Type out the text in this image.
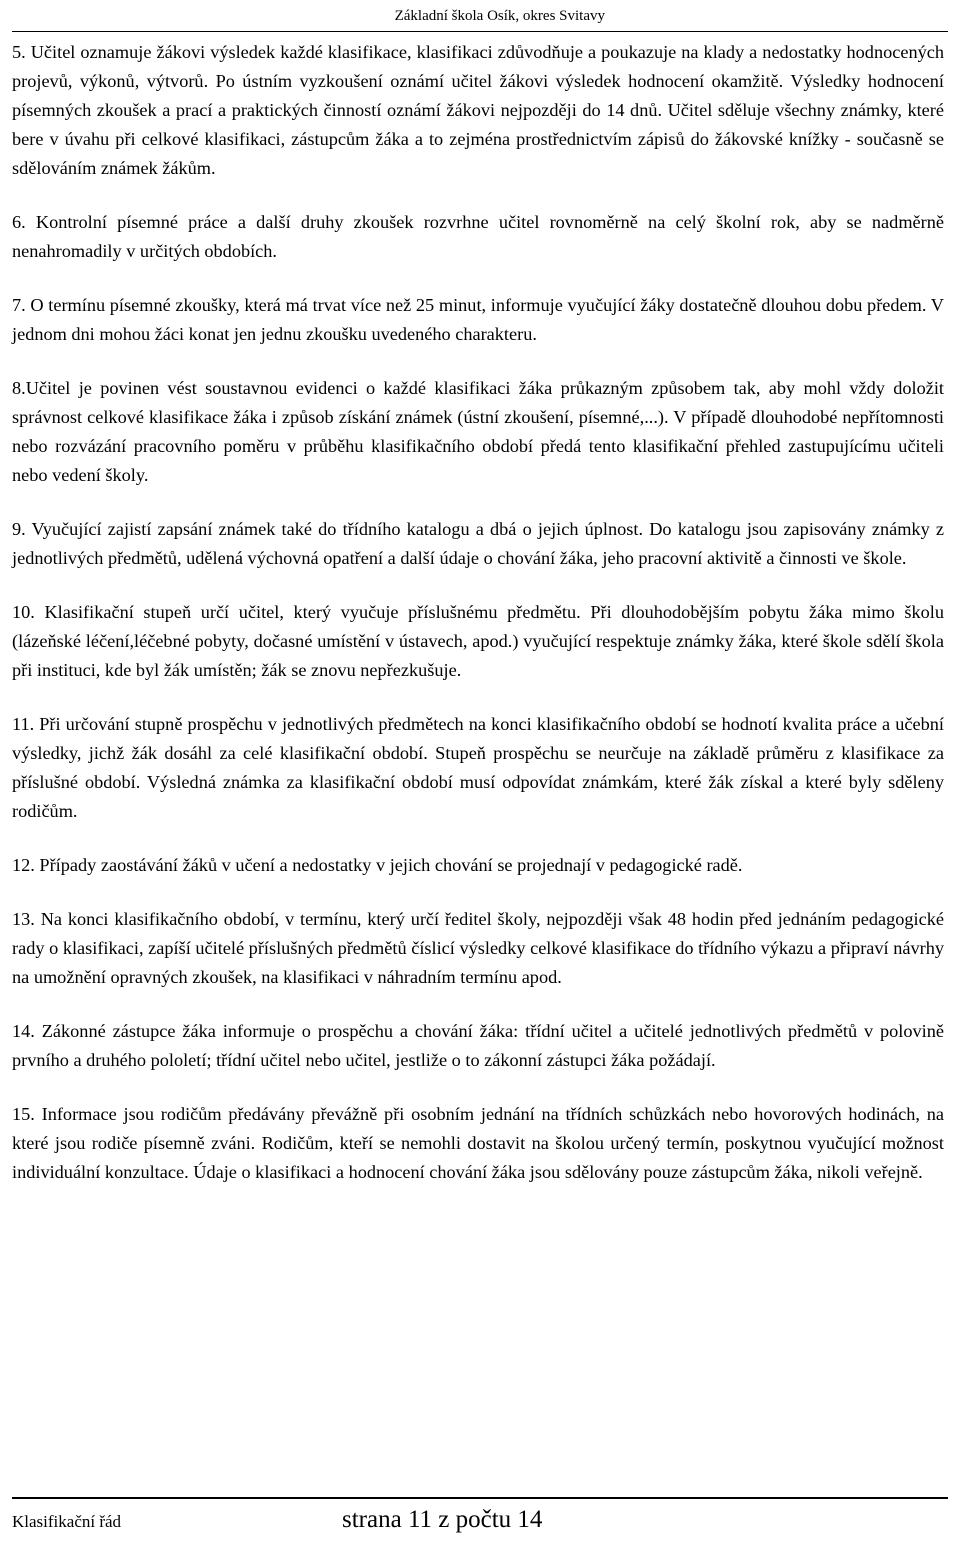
Základní škola Osík, okres Svitavy

5. Učitel oznamuje žákovi výsledek každé klasifikace, klasifikaci zdůvodňuje a poukazuje na klady a nedostatky hodnocených projevů, výkonů, výtvorů. Po ústním vyzkoušení oznámí učitel žákovi výsledek hodnocení okamžitě. Výsledky hodnocení písemných zkoušek a prací a praktických činností oznámí žákovi nejpozději do 14 dnů. Učitel sděluje všechny známky, které bere v úvahu při celkové klasifikaci, zástupcům žáka a to zejména prostřednictvím zápisů do žákovské knížky - současně se sdělováním známek žákům.

6. Kontrolní písemné práce a další druhy zkoušek rozvrhne učitel rovnoměrně na celý školní rok, aby se nadměrně nenahromadily v určitých obdobích.

7. O termínu písemné zkoušky, která má trvat více než 25 minut, informuje vyučující žáky dostatečně dlouhou dobu předem. V jednom dni mohou žáci konat jen jednu zkoušku uvedeného charakteru.

8.Učitel je povinen vést soustavnou evidenci o každé klasifikaci žáka průkazným způsobem tak, aby mohl vždy doložit správnost celkové klasifikace žáka i způsob získání známek (ústní zkoušení, písemné,...). V případě dlouhodobé nepřítomnosti nebo rozvázání pracovního poměru v průběhu klasifikačního období předá tento klasifikační přehled zastupujícímu učiteli nebo vedení školy.

9. Vyučující zajistí zapsání známek také do třídního katalogu a dbá o jejich úplnost. Do katalogu jsou zapisovány známky z jednotlivých předmětů, udělená výchovná opatření a další údaje o chování žáka, jeho pracovní aktivitě a činnosti ve škole.

10. Klasifikační stupeň určí učitel, který vyučuje příslušnému předmětu. Při dlouhodobějším pobytu žáka mimo školu (lázeňské léčení,léčebné pobyty, dočasné umístění v ústavech, apod.) vyučující respektuje známky žáka, které škole sdělí škola při instituci, kde byl žák umístěn; žák se znovu nepřezkušuje.

11. Při určování stupně prospěchu v jednotlivých předmětech na konci klasifikačního období se hodnotí kvalita práce a učební výsledky, jichž žák dosáhl za celé klasifikační období. Stupeň prospěchu se neurčuje na základě průměru z klasifikace za příslušné období. Výsledná známka za klasifikační období musí odpovídat známkám, které žák získal a které byly sděleny rodičům.

12. Případy zaostávání žáků v učení a nedostatky v jejich chování se projednají v pedagogické radě.

13. Na konci klasifikačního období, v termínu, který určí ředitel školy, nejpozději však 48 hodin před jednáním pedagogické rady o klasifikaci, zapíší učitelé příslušných předmětů číslicí výsledky celkové klasifikace do třídního výkazu a připraví návrhy na umožnění opravných zkoušek, na klasifikaci v náhradním termínu apod.

14. Zákonné zástupce žáka informuje o prospěchu a chování žáka: třídní učitel a učitelé jednotlivých předmětů v polovině prvního a druhého pololetí; třídní učitel nebo učitel, jestliže o to zákonní zástupci žáka požádají.

15. Informace jsou rodičům předávány převážně při osobním jednání na třídních schůzkách nebo hovorových hodinách, na které jsou rodiče písemně zváni. Rodičům, kteří se nemohli dostavit na školou určený termín, poskytnou vyučující možnost individuální konzultace. Údaje o klasifikaci a hodnocení chování žáka jsou sdělovány pouze zástupcům žáka, nikoli veřejně.

Klasifikační řád	strana 11 z počtu 14
